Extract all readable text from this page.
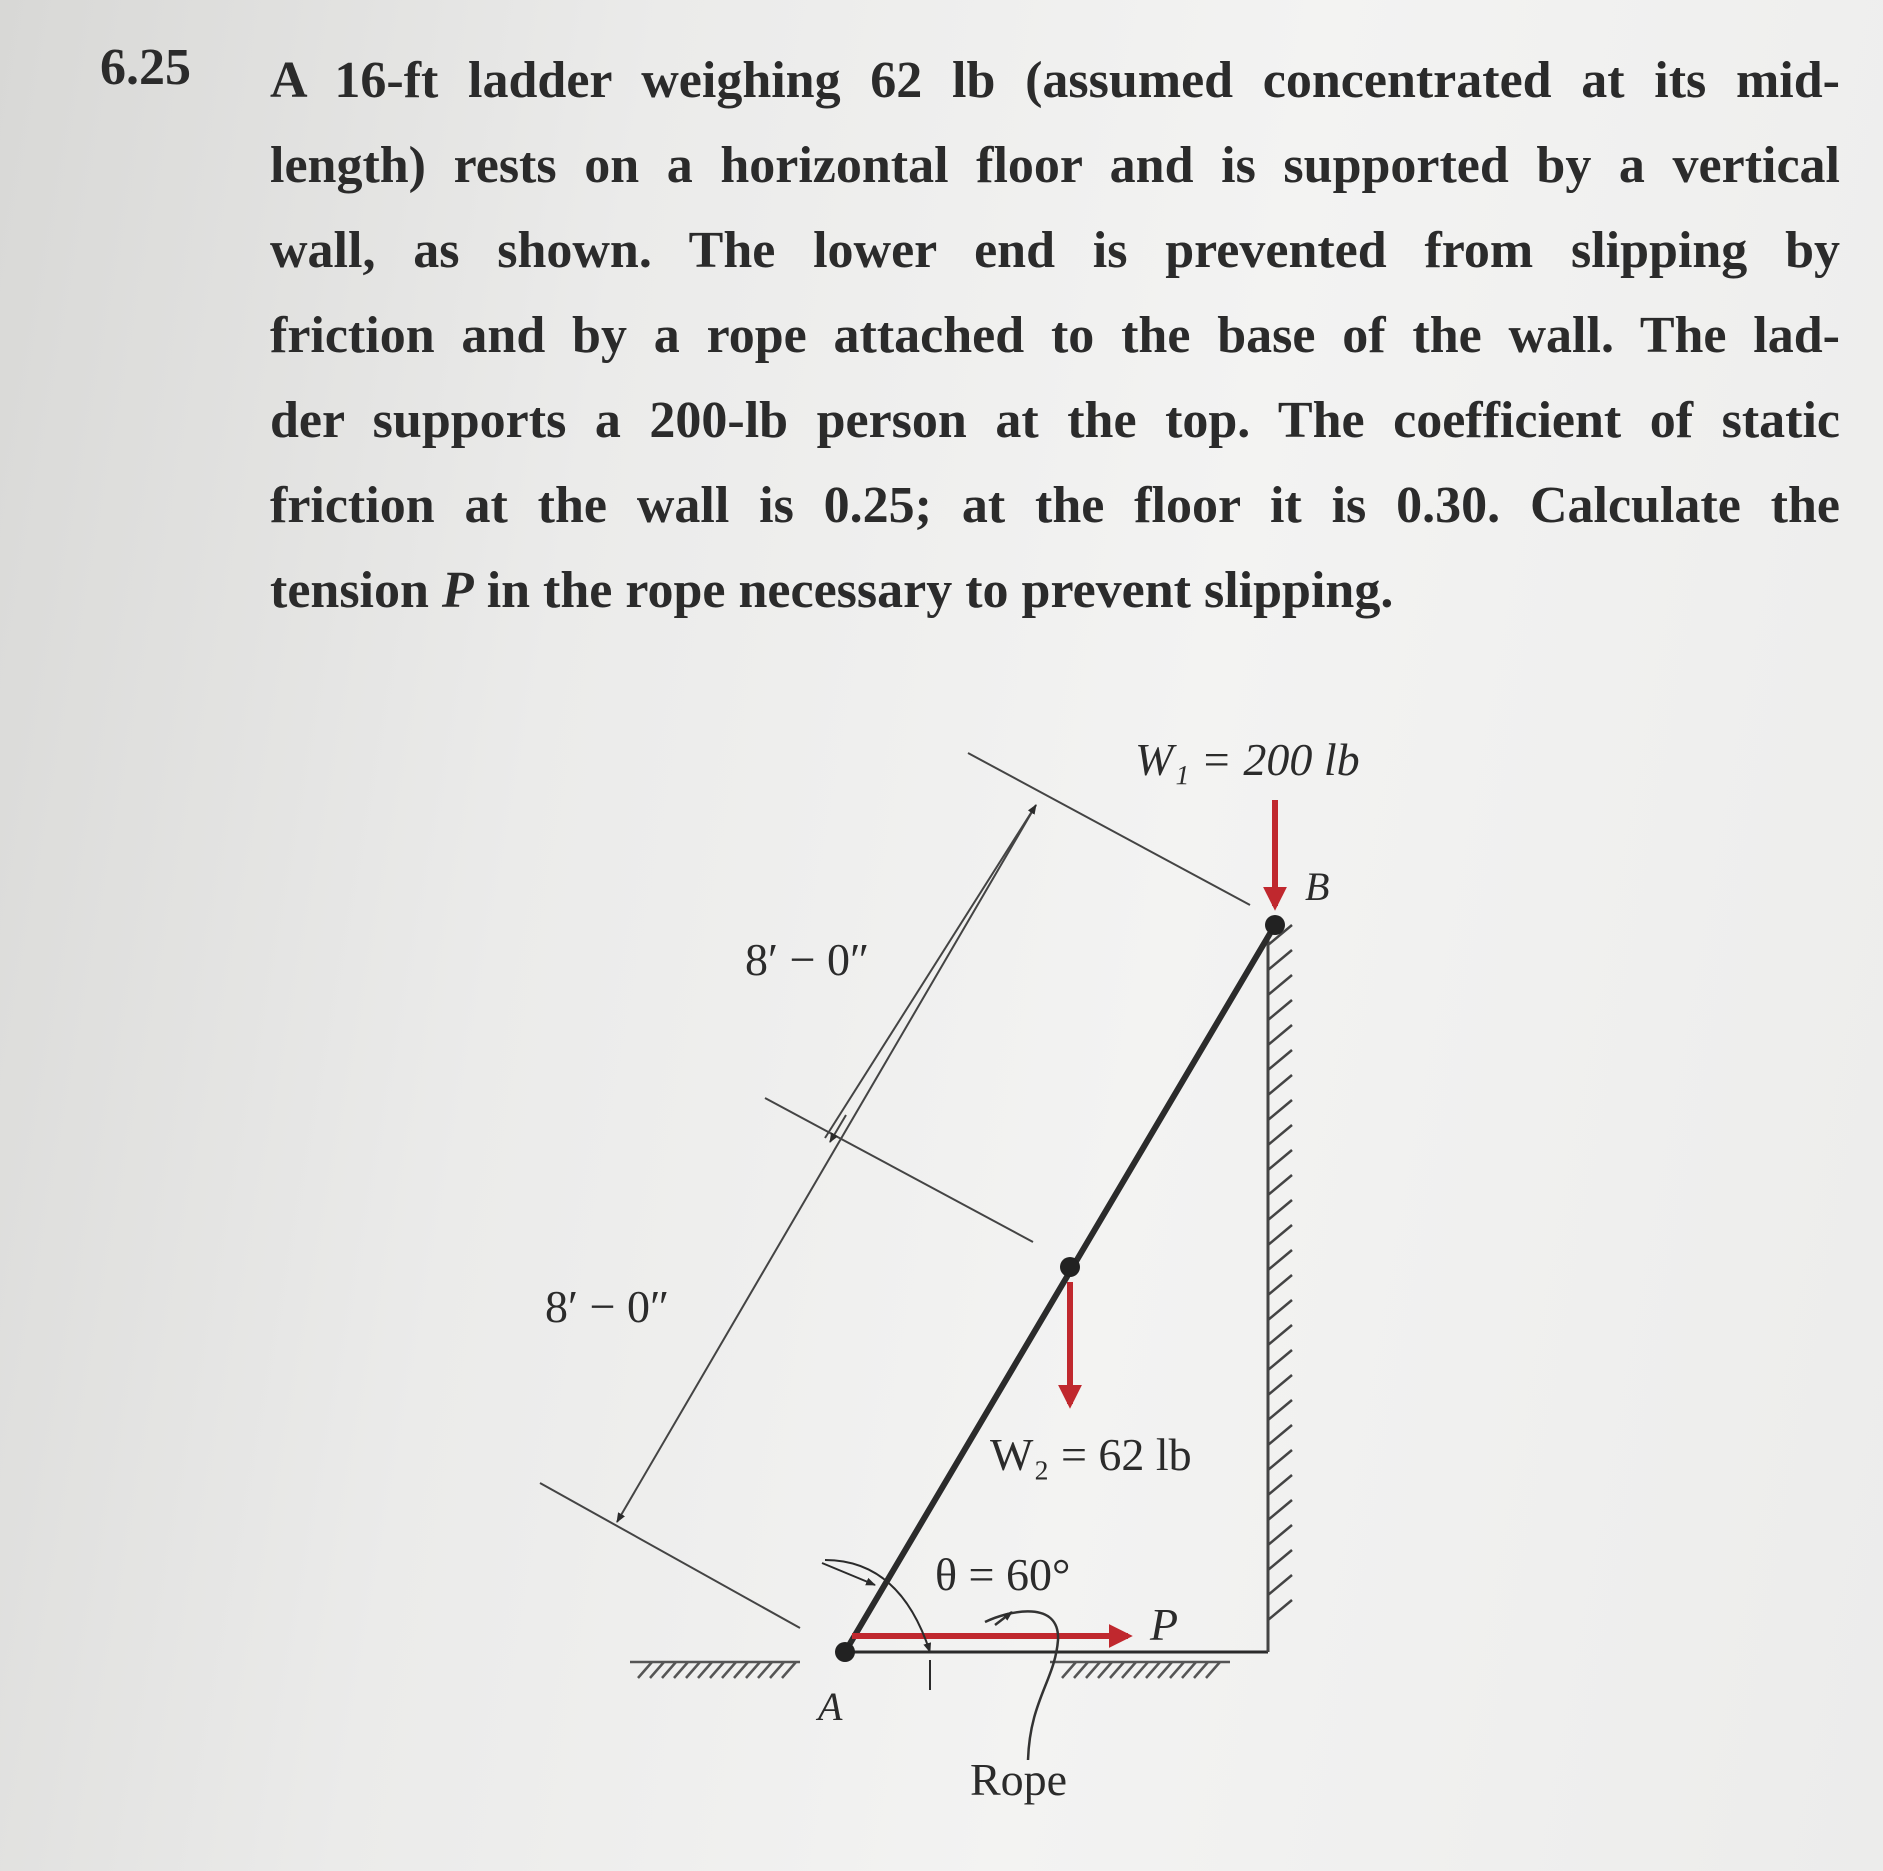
6.25 A 16-ft ladder weighing 62 lb (assumed concentrated at its mid-
length) rests on a horizontal floor and is supported by a vertical
wall, as shown. The lower end is prevented from slipping by
friction and by a rope attached to the base of the wall. The lad-
der supports a 200-lb person at the top. The coefficient of static
friction at the wall is 0.25; at the floor it is 0.30. Calculate the
tension P in the rope necessary to prevent slipping.
W₁ = 200 lb
B
8′ − 0″
8′ − 0″
W₂ = 62 lb
θ = 60°
P
A
Rope
